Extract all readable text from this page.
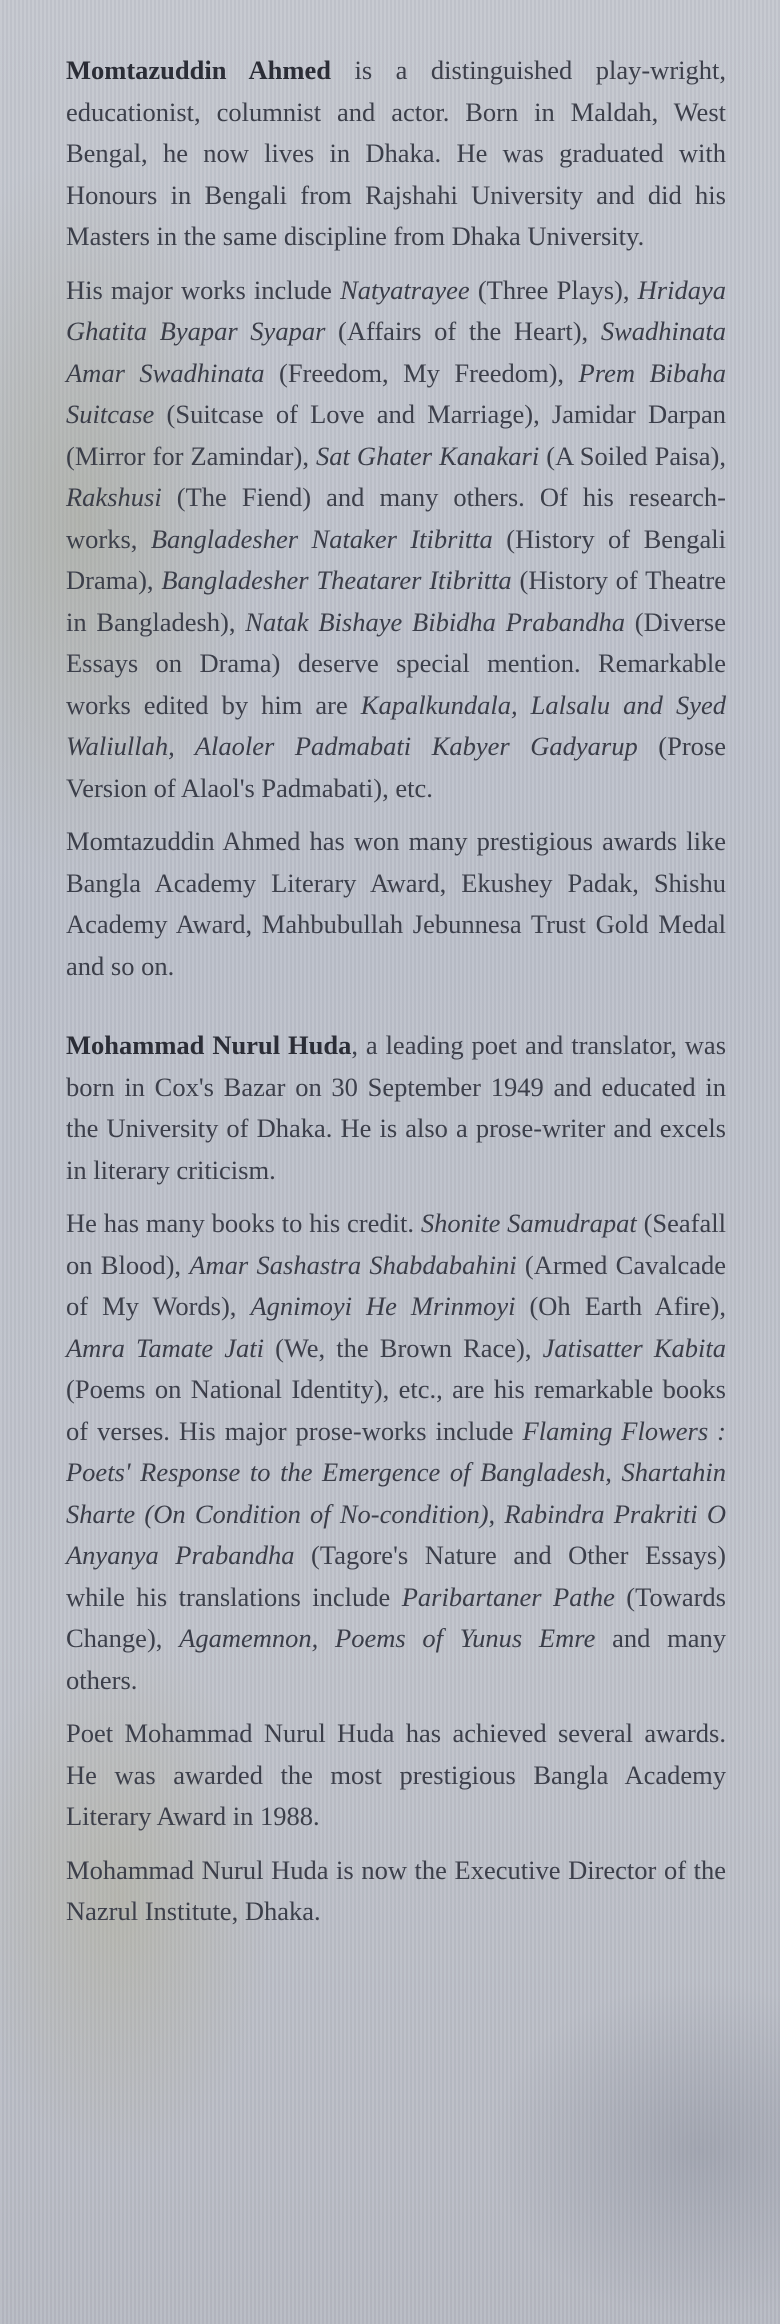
Momtazuddin Ahmed is a distinguished play-wright, educationist, columnist and actor. Born in Maldah, West Bengal, he now lives in Dhaka. He was graduated with Honours in Bengali from Rajshahi University and did his Masters in the same discipline from Dhaka University.

His major works include Natyatrayee (Three Plays), Hridaya Ghatita Byapar Syapar (Affairs of the Heart), Swadhinata Amar Swadhinata (Freedom, My Freedom), Prem Bibaha Suitcase (Suitcase of Love and Marriage), Jamidar Darpan (Mirror for Zamindar), Sat Ghater Kanakari (A Soiled Paisa), Rakshusi (The Fiend) and many others. Of his research-works, Bangladesher Nataker Itibritta (History of Bengali Drama), Bangladesher Theatarer Itibritta (History of Theatre in Bangladesh), Natak Bishaye Bibidha Prabandha (Diverse Essays on Drama) deserve special mention. Remarkable works edited by him are Kapalkundala, Lalsalu and Syed Waliullah, Alaoler Padmabati Kabyer Gadyarup (Prose Version of Alaol's Padmabati), etc.

Momtazuddin Ahmed has won many prestigious awards like Bangla Academy Literary Award, Ekushey Padak, Shishu Academy Award, Mahbubullah Jebunnesa Trust Gold Medal and so on.

Mohammad Nurul Huda, a leading poet and translator, was born in Cox's Bazar on 30 September 1949 and educated in the University of Dhaka. He is also a prose-writer and excels in literary criticism.

He has many books to his credit. Shonite Samudrapat (Seafall on Blood), Amar Sashastra Shabdabahini (Armed Cavalcade of My Words), Agnimoyi He Mrinmoyi (Oh Earth Afire), Amra Tamate Jati (We, the Brown Race), Jatisatter Kabita (Poems on National Identity), etc., are his remarkable books of verses. His major prose-works include Flaming Flowers : Poets' Response to the Emergence of Bangladesh, Shartahin Sharte (On Condition of No-condition), Rabindra Prakriti O Anyanya Prabandha (Tagore's Nature and Other Essays) while his translations include Paribartaner Pathe (Towards Change), Agamemnon, Poems of Yunus Emre and many others.

Poet Mohammad Nurul Huda has achieved several awards. He was awarded the most prestigious Bangla Academy Literary Award in 1988.

Mohammad Nurul Huda is now the Executive Director of the Nazrul Institute, Dhaka.
